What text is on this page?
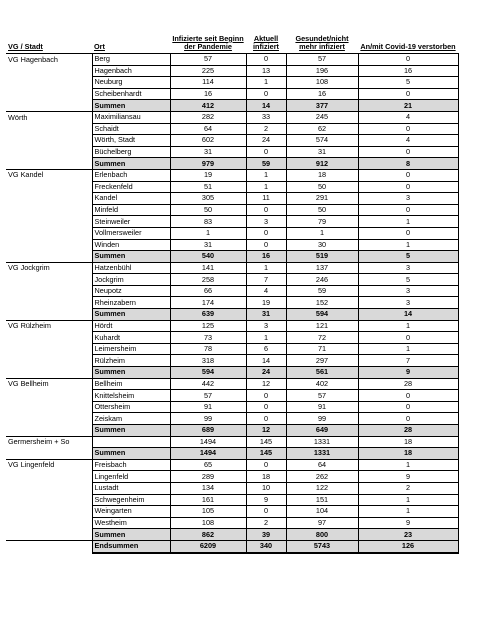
VG / Stadt	Ort	Infizierte seit Beginn der Pandemie	Aktuell infiziert	Gesundet/nicht mehr infiziert	An/mit Covid-19 verstorben
VG Hagenbach	Berg	57	0	57	0
	Hagenbach	225	13	196	16
	Neuburg	114	1	108	5
	Scheibenhardt	16	0	16	0
	Summen	412	14	377	21
Wörth	Maximiliansau	282	33	245	4
	Schaidt	64	2	62	0
	Wörth, Stadt	602	24	574	4
	Büchelberg	31	0	31	0
	Summen	979	59	912	8
VG Kandel	Erlenbach	19	1	18	0
	Freckenfeld	51	1	50	0
	Kandel	305	11	291	3
	Minfeld	50	0	50	0
	Steinweiler	83	3	79	1
	Vollmersweiler	1	0	1	0
	Winden	31	0	30	1
	Summen	540	16	519	5
VG Jockgrim	Hatzenbühl	141	1	137	3
	Jockgrim	258	7	246	5
	Neupotz	66	4	59	3
	Rheinzabern	174	19	152	3
	Summen	639	31	594	14
VG Rülzheim	Hördt	125	3	121	1
	Kuhardt	73	1	72	0
	Leimersheim	78	6	71	1
	Rülzheim	318	14	297	7
	Summen	594	24	561	9
VG Bellheim	Bellheim	442	12	402	28
	Knittelsheim	57	0	57	0
	Ottersheim	91	0	91	0
	Zeiskam	99	0	99	0
	Summen	689	12	649	28
Germersheim + So		1494	145	1331	18
	Summen	1494	145	1331	18
VG Lingenfeld	Freisbach	65	0	64	1
	Lingenfeld	289	18	262	9
	Lustadt	134	10	122	2
	Schwegenheim	161	9	151	1
	Weingarten	105	0	104	1
	Westheim	108	2	97	9
	Summen	862	39	800	23
	Endsummen	6209	340	5743	126
